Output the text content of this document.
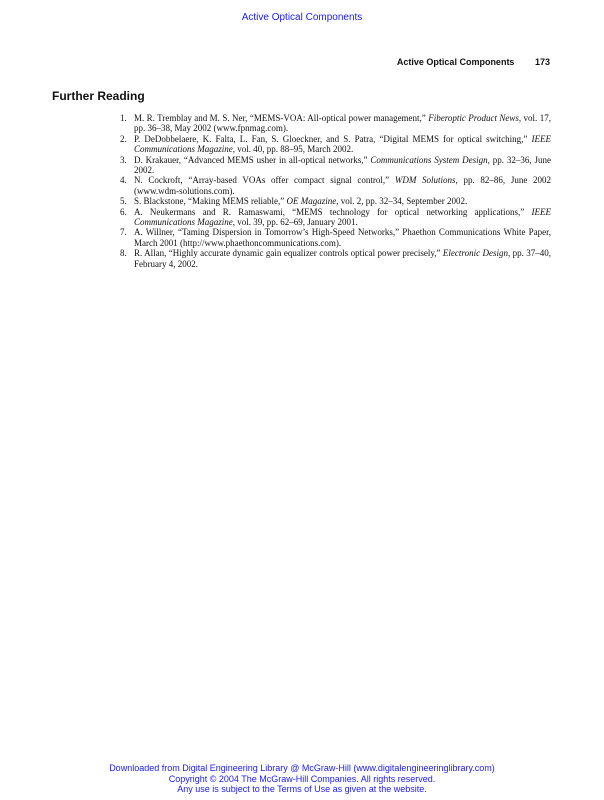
Active Optical Components
Active Optical Components 173
Further Reading
1. M. R. Tremblay and M. S. Ner, “MEMS-VOA: All-optical power management,” Fiberoptic Product News, vol. 17, pp. 36–38, May 2002 (www.fpnmag.com).
2. P. DeDobbelaere, K. Falta, L. Fan, S. Gloeckner, and S. Patra, “Digital MEMS for optical switching,” IEEE Communications Magazine, vol. 40, pp. 88–95, March 2002.
3. D. Krakauer, “Advanced MEMS usher in all-optical networks,” Communications System Design, pp. 32–36, June 2002.
4. N. Cockroft, “Array-based VOAs offer compact signal control,” WDM Solutions, pp. 82–86, June 2002 (www.wdm-solutions.com).
5. S. Blackstone, “Making MEMS reliable,” OE Magazine, vol. 2, pp. 32–34, September 2002.
6. A. Neukermans and R. Ramaswami, “MEMS technology for optical networking applications,” IEEE Communications Magazine, vol. 39, pp. 62–69, January 2001.
7. A. Willner, “Taming Dispersion in Tomorrow’s High-Speed Networks,” Phaethon Communications White Paper, March 2001 (http://www.phaethoncommunications.com).
8. R. Allan, “Highly accurate dynamic gain equalizer controls optical power precisely,” Electronic Design, pp. 37–40, February 4, 2002.
Downloaded from Digital Engineering Library @ McGraw-Hill (www.digitalengineeringlibrary.com)
Copyright © 2004 The McGraw-Hill Companies. All rights reserved.
Any use is subject to the Terms of Use as given at the website.
